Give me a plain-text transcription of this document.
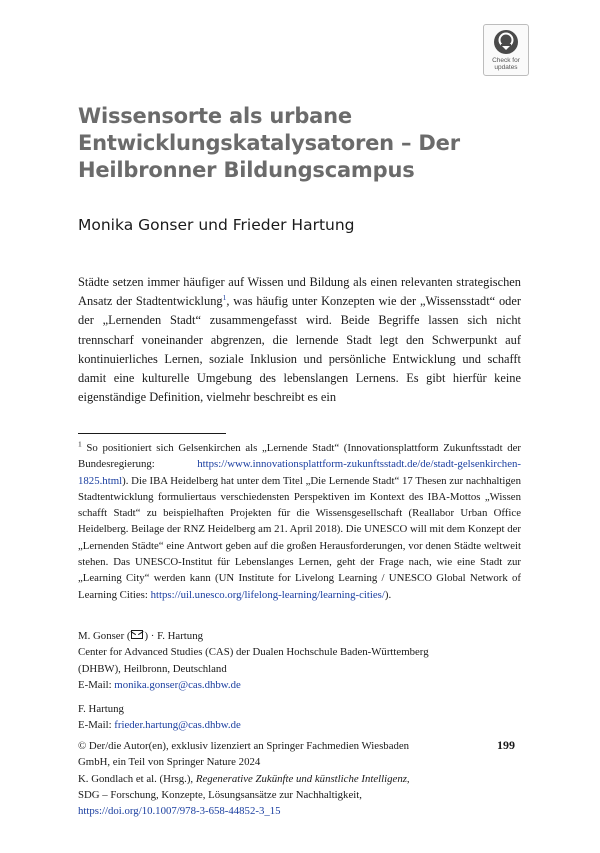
Check for
updates
Wissensorte als urbane
Entwicklungskatalysatoren – Der
Heilbronner Bildungscampus
Monika Gonser und Frieder Hartung
Städte setzen immer häufiger auf Wissen und Bildung als einen relevanten strategischen Ansatz der Stadtentwicklung$^1$, was häufig unter Konzepten wie der „Wissensstadt“ oder der „Lernenden Stadt“ zusammengefasst wird. Beide Begriffe lassen sich nicht trennscharf voneinander abgrenzen, die lernende Stadt legt den Schwerpunkt auf kontinuierliches Lernen, soziale Inklusion und persönliche Entwicklung und schafft damit eine kulturelle Umgebung des lebenslangen Lernens. Es gibt hierfür keine eigenständige Definition, vielmehr beschreibt es ein
$^1$ So positioniert sich Gelsenkirchen als „Lernende Stadt“ (Innovationsplattform Zukunftsstadt der Bundesregierung: https://www.innovationsplattform-zukunftsstadt.de/de/stadt-gelsenkirchen-1825.html). Die IBA Heidelberg hat unter dem Titel „Die Lernende Stadt“ 17 Thesen zur nachhaltigen Stadtentwicklung formuliertaus verschiedensten Perspektiven im Kontext des IBA-Mottos „Wissen schafft Stadt“ zu beispielhaften Projekten für die Wissensgesellschaft (Reallabor Urban Office Heidelberg. Beilage der RNZ Heidelberg am 21. April 2018). Die UNESCO will mit dem Konzept der „Lernenden Städte“ eine Antwort geben auf die großen Herausforderungen, vor denen Städte weltweit stehen. Das UNESCO-Institut für Lebenslanges Lernen, geht der Frage nach, wie eine Stadt zur „Learning City“ werden kann (UN Institute for Livelong Learning / UNESCO Global Network of Learning Cities: https://uil.unesco.org/lifelong-learning/learning-cities/).
M. Gonser ( ) · F. Hartung
Center for Advanced Studies (CAS) der Dualen Hochschule Baden-Württemberg
(DHBW), Heilbronn, Deutschland
E-Mail: monika.gonser@cas.dhbw.de
F. Hartung
E-Mail: frieder.hartung@cas.dhbw.de
© Der/die Autor(en), exklusiv lizenziert an Springer Fachmedien Wiesbaden
GmbH, ein Teil von Springer Nature 2024
K. Gondlach et al. (Hrsg.), Regenerative Zukünfte und künstliche Intelligenz,
SDG – Forschung, Konzepte, Lösungsansätze zur Nachhaltigkeit,
https://doi.org/10.1007/978-3-658-44852-3_15
199
